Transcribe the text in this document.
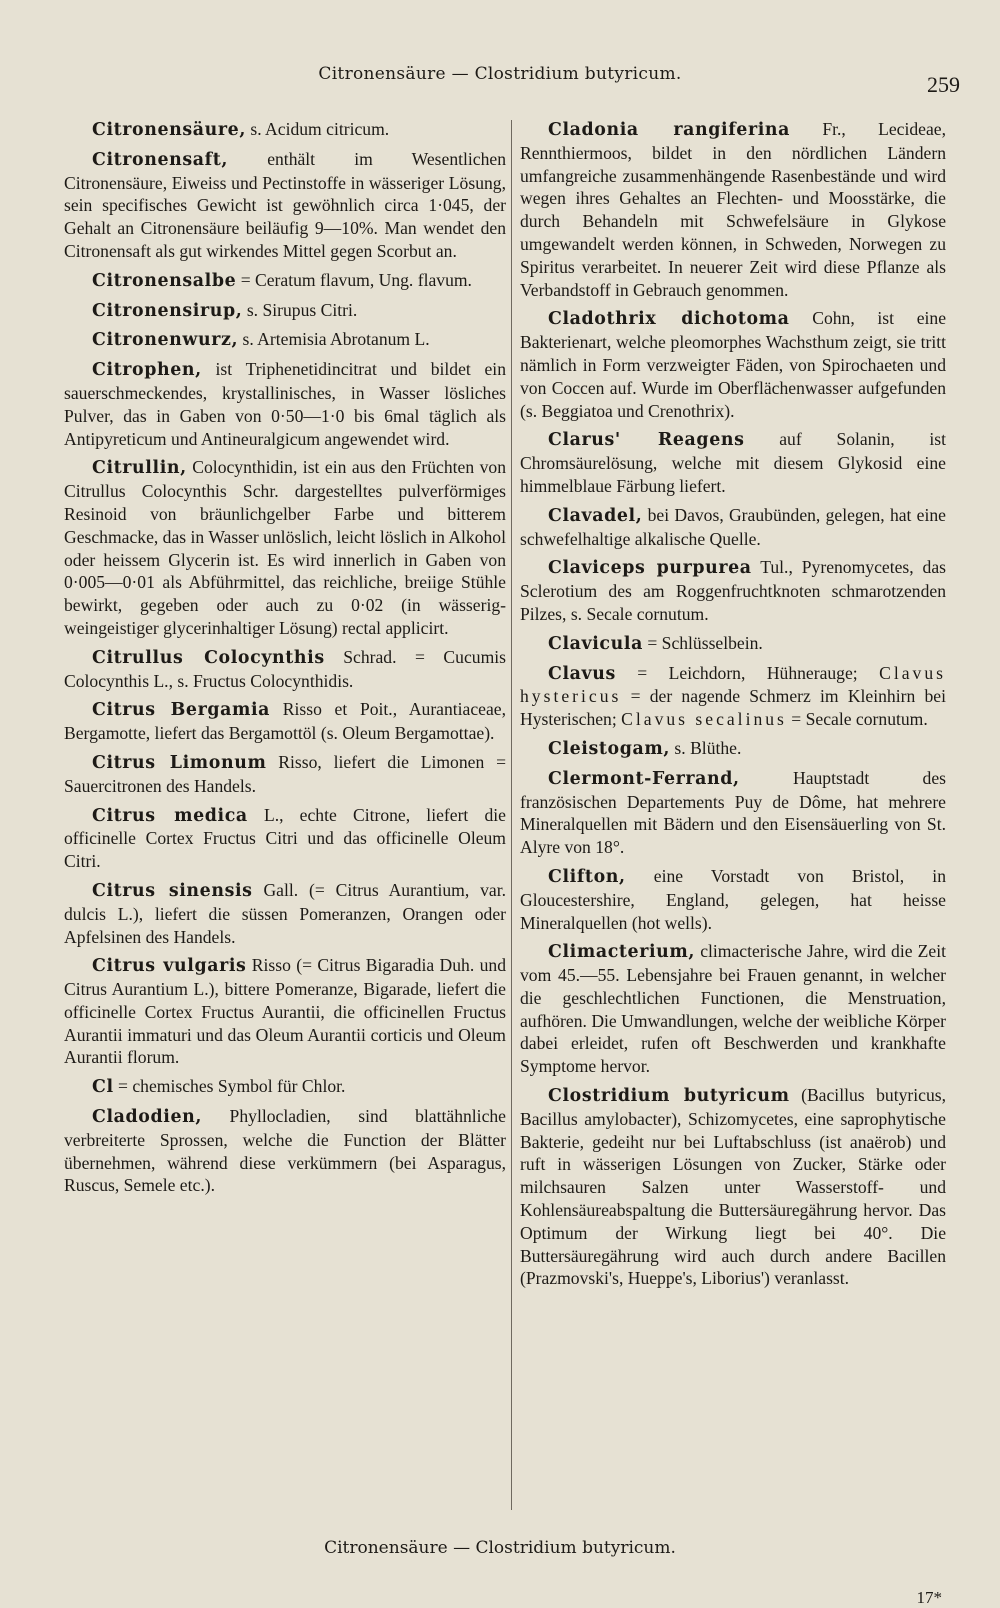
Citronensäure — Clostridium butyricum.	259

Citronensäure, s. Acidum citricum.

Citronensaft, enthält im Wesentlichen Citronensäure, Eiweiss und Pectinstoffe in wässeriger Lösung, sein specifisches Gewicht ist gewöhnlich circa 1·045, der Gehalt an Citronensäure beiläufig 9—10%. Man wendet den Citronensaft als gut wirkendes Mittel gegen Scorbut an.

Citronensalbe = Ceratum flavum, Ung. flavum.

Citronensirup, s. Sirupus Citri.

Citronenwurz, s. Artemisia Abrotanum L.

Citrophen, ist Triphenetidincitrat und bildet ein sauerschmeckendes, krystallinisches, in Wasser lösliches Pulver, das in Gaben von 0·50—1·0 bis 6mal täglich als Antipyreticum und Antineuralgicum angewendet wird.

Citrullin, Colocynthidin, ist ein aus den Früchten von Citrullus Colocynthis Schr. dargestelltes pulverförmiges Resinoid von bräunlichgelber Farbe und bitterem Geschmacke, das in Wasser unlöslich, leicht löslich in Alkohol oder heissem Glycerin ist. Es wird innerlich in Gaben von 0·005—0·01 als Abführmittel, das reichliche, breiige Stühle bewirkt, gegeben oder auch zu 0·02 (in wässerig-weingeistiger glycerinhaltiger Lösung) rectal applicirt.

Citrullus Colocynthis Schrad. = Cucumis Colocynthis L., s. Fructus Colocynthidis.

Citrus Bergamia Risso et Poit., Aurantiaceae, Bergamotte, liefert das Bergamottöl (s. Oleum Bergamottae).

Citrus Limonum Risso, liefert die Limonen = Sauercitronen des Handels.

Citrus medica L., echte Citrone, liefert die officinelle Cortex Fructus Citri und das officinelle Oleum Citri.

Citrus sinensis Gall. (= Citrus Aurantium, var. dulcis L.), liefert die süssen Pomeranzen, Orangen oder Apfelsinen des Handels.

Citrus vulgaris Risso (= Citrus Bigaradia Duh. und Citrus Aurantium L.), bittere Pomeranze, Bigarade, liefert die officinelle Cortex Fructus Aurantii, die officinellen Fructus Aurantii immaturi und das Oleum Aurantii corticis und Oleum Aurantii florum.

Cl = chemisches Symbol für Chlor.

Cladodien, Phyllocladien, sind blattähnliche verbreiterte Sprossen, welche die Function der Blätter übernehmen, während diese verkümmern (bei Asparagus, Ruscus, Semele etc.).

Cladonia rangiferina Fr., Lecideae, Rennthiermoos, bildet in den nördlichen Ländern umfangreiche zusammenhängende Rasenbestände und wird wegen ihres Gehaltes an Flechten- und Moosstärke, die durch Behandeln mit Schwefelsäure in Glykose umgewandelt werden können, in Schweden, Norwegen zu Spiritus verarbeitet. In neuerer Zeit wird diese Pflanze als Verbandstoff in Gebrauch genommen.

Cladothrix dichotoma Cohn, ist eine Bakterienart, welche pleomorphes Wachsthum zeigt, sie tritt nämlich in Form verzweigter Fäden, von Spirochaeten und von Coccen auf. Wurde im Oberflächenwasser aufgefunden (s. Beggiatoa und Crenothrix).

Clarus' Reagens auf Solanin, ist Chromsäurelösung, welche mit diesem Glykosid eine himmelblaue Färbung liefert.

Clavadel, bei Davos, Graubünden, gelegen, hat eine schwefelhaltige alkalische Quelle.

Claviceps purpurea Tul., Pyrenomycetes, das Sclerotium des am Roggenfruchtknoten schmarotzenden Pilzes, s. Secale cornutum.

Clavicula = Schlüsselbein.

Clavus = Leichdorn, Hühnerauge; Clavus hystericus = der nagende Schmerz im Kleinhirn bei Hysterischen; Clavus secalinus = Secale cornutum.

Cleistogam, s. Blüthe.

Clermont-Ferrand, Hauptstadt des französischen Departements Puy de Dôme, hat mehrere Mineralquellen mit Bädern und den Eisensäuerling von St. Alyre von 18°.

Clifton, eine Vorstadt von Bristol, in Gloucestershire, England, gelegen, hat heisse Mineralquellen (hot wells).

Climacterium, climacterische Jahre, wird die Zeit vom 45.—55. Lebensjahre bei Frauen genannt, in welcher die geschlechtlichen Functionen, die Menstruation, aufhören. Die Umwandlungen, welche der weibliche Körper dabei erleidet, rufen oft Beschwerden und krankhafte Symptome hervor.

Clostridium butyricum (Bacillus butyricus, Bacillus amylobacter), Schizomycetes, eine saprophytische Bakterie, gedeiht nur bei Luftabschluss (ist anaërob) und ruft in wässerigen Lösungen von Zucker, Stärke oder milchsauren Salzen unter Wasserstoff- und Kohlensäureabspaltung die Buttersäuregährung hervor. Das Optimum der Wirkung liegt bei 40°. Die Buttersäuregährung wird auch durch andere Bacillen (Prazmovski's, Hueppe's, Liborius') veranlasst.

Citronensäure — Clostridium butyricum.
17*
